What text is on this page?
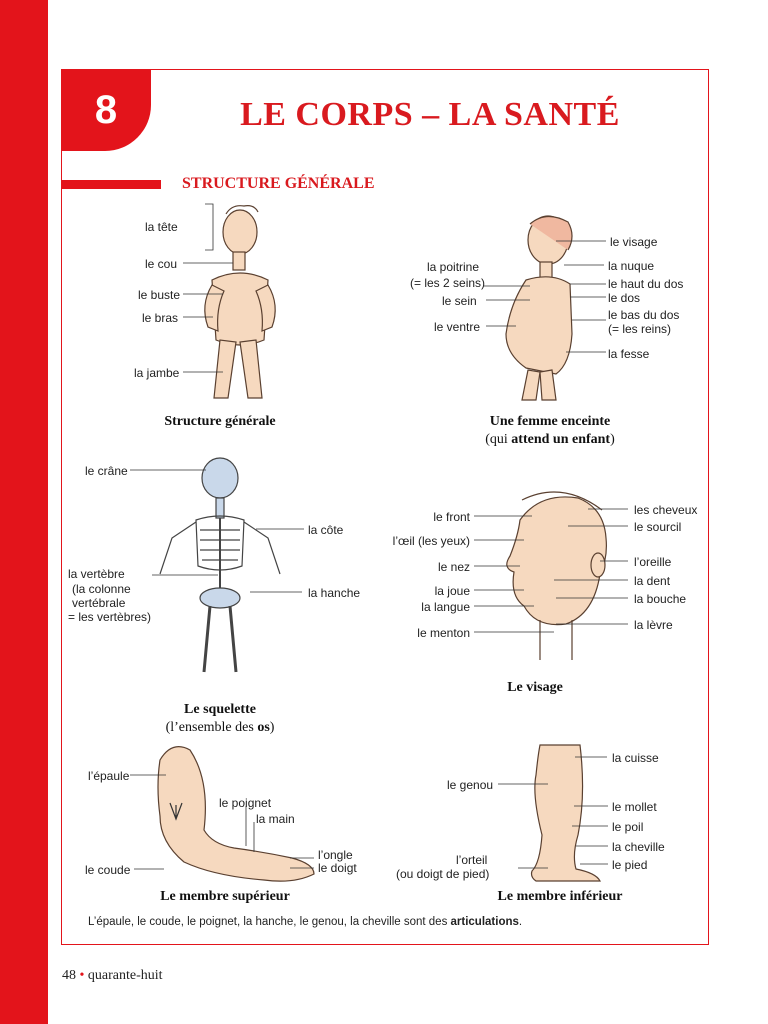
8	LE CORPS – LA SANTÉ
STRUCTURE GÉNÉRALE
la tête
le cou
le buste
le bras
la jambe
Structure générale
la poitrine
(= les 2 seins)
le sein
le ventre
le visage
la nuque
le haut du dos
le dos
le bas du dos
(= les reins)
la fesse
Une femme enceinte
(qui attend un enfant)
le crâne
la côte
la vertèbre
(la colonne
vertébrale
= les vertèbres)
la hanche
Le squelette
(l’ensemble des os)
le front
l’œil (les yeux)
le nez
la joue
la langue
le menton
les cheveux
le sourcil
l’oreille
la dent
la bouche
la lèvre
Le visage
l’épaule
le poignet
la main
l’ongle
le doigt
le coude
Le membre supérieur
la cuisse
le genou
le mollet
le poil
la cheville
l’orteil
(ou doigt de pied)
le pied
Le membre inférieur
L’épaule, le coude, le poignet, la hanche, le genou, la cheville sont des articulations.
48 • quarante-huit
